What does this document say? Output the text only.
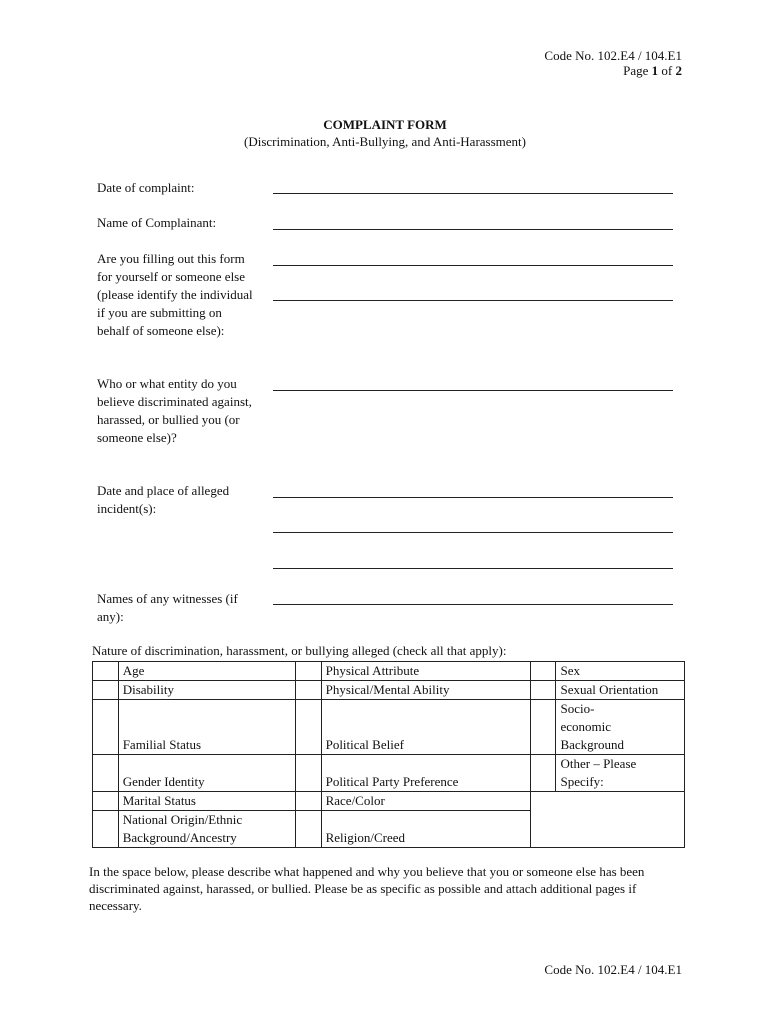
Code No. 102.E4 / 104.E1
Page 1 of 2
COMPLAINT FORM
(Discrimination, Anti-Bullying, and Anti-Harassment)
Date of complaint:
Name of Complainant:
Are you filling out this form for yourself or someone else (please identify the individual if you are submitting on behalf of someone else):
Who or what entity do you believe discriminated against, harassed, or bullied you (or someone else)?
Date and place of alleged incident(s):
Names of any witnesses (if any):
Nature of discrimination, harassment, or bullying alleged (check all that apply):
	Age		Physical Attribute		Sex
	Disability		Physical/Mental Ability		Sexual Orientation
	Familial Status		Political Belief		Socio-economic Background
	Gender Identity		Political Party Preference		Other – Please Specify:
	Marital Status		Race/Color		
	National Origin/Ethnic Background/Ancestry		Religion/Creed		
In the space below, please describe what happened and why you believe that you or someone else has been discriminated against, harassed, or bullied. Please be as specific as possible and attach additional pages if necessary.
Code No. 102.E4 / 104.E1
